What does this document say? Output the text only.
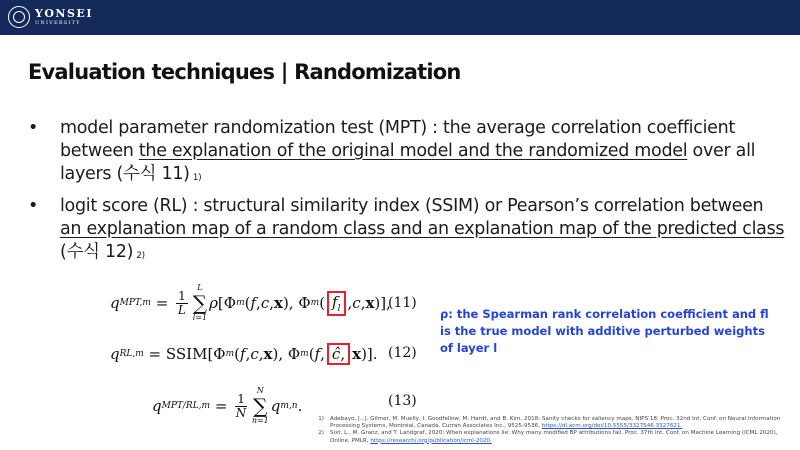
YONSEI
UNIVERSITY
Evaluation techniques | Randomization
• model parameter randomization test (MPT) : the average correlation coefficient between the explanation of the original model and the randomized model over all layers (수식 11) 1)
• logit score (RL) : structural similarity index (SSIM) or Pearson’s correlation between an explanation map of a random class and an explanation map of the predicted class (수식 12) 2)
q $MPT,m = \frac{1}{L}$
L
∑
l=1
ρ [Φ m ( f , c , x ), Φ m ( $f_l$ , c , x )],
q RL,m = SSIM[Φ m ( f , c , x ), Φ m ( f , ĉ, x )].
q $MPT/RL,m = \frac{1}{N}$
N
∑
n=1
q m,n .
(11)
(12)
(13)
ρ: the Spearman rank correlation coefficient and fl is the true model with additive perturbed weights of layer l
1) Adebayo, J., J. Gilmer, M. Muelly, I. Goodfellow, M. Hardt, and B. Kim, 2018: Sanity checks for saliency maps. NIPS’18: Proc. 32nd Int. Conf. on Neural Information Processing Systems, Montréal, Canada, Curran Associates Inc., 9525-9536, https://dl.acm.org/doi/10.5555/3327546.3327621.
2) Sixt, L., M. Granz, and T. Landgraf, 2020: When explanations lie: Why many modified BP attributions fail. Proc. 37th Int. Conf. on Machine Learning (ICML 2020), Online, PMLR, https://research/.org/publication/icml-2020.
